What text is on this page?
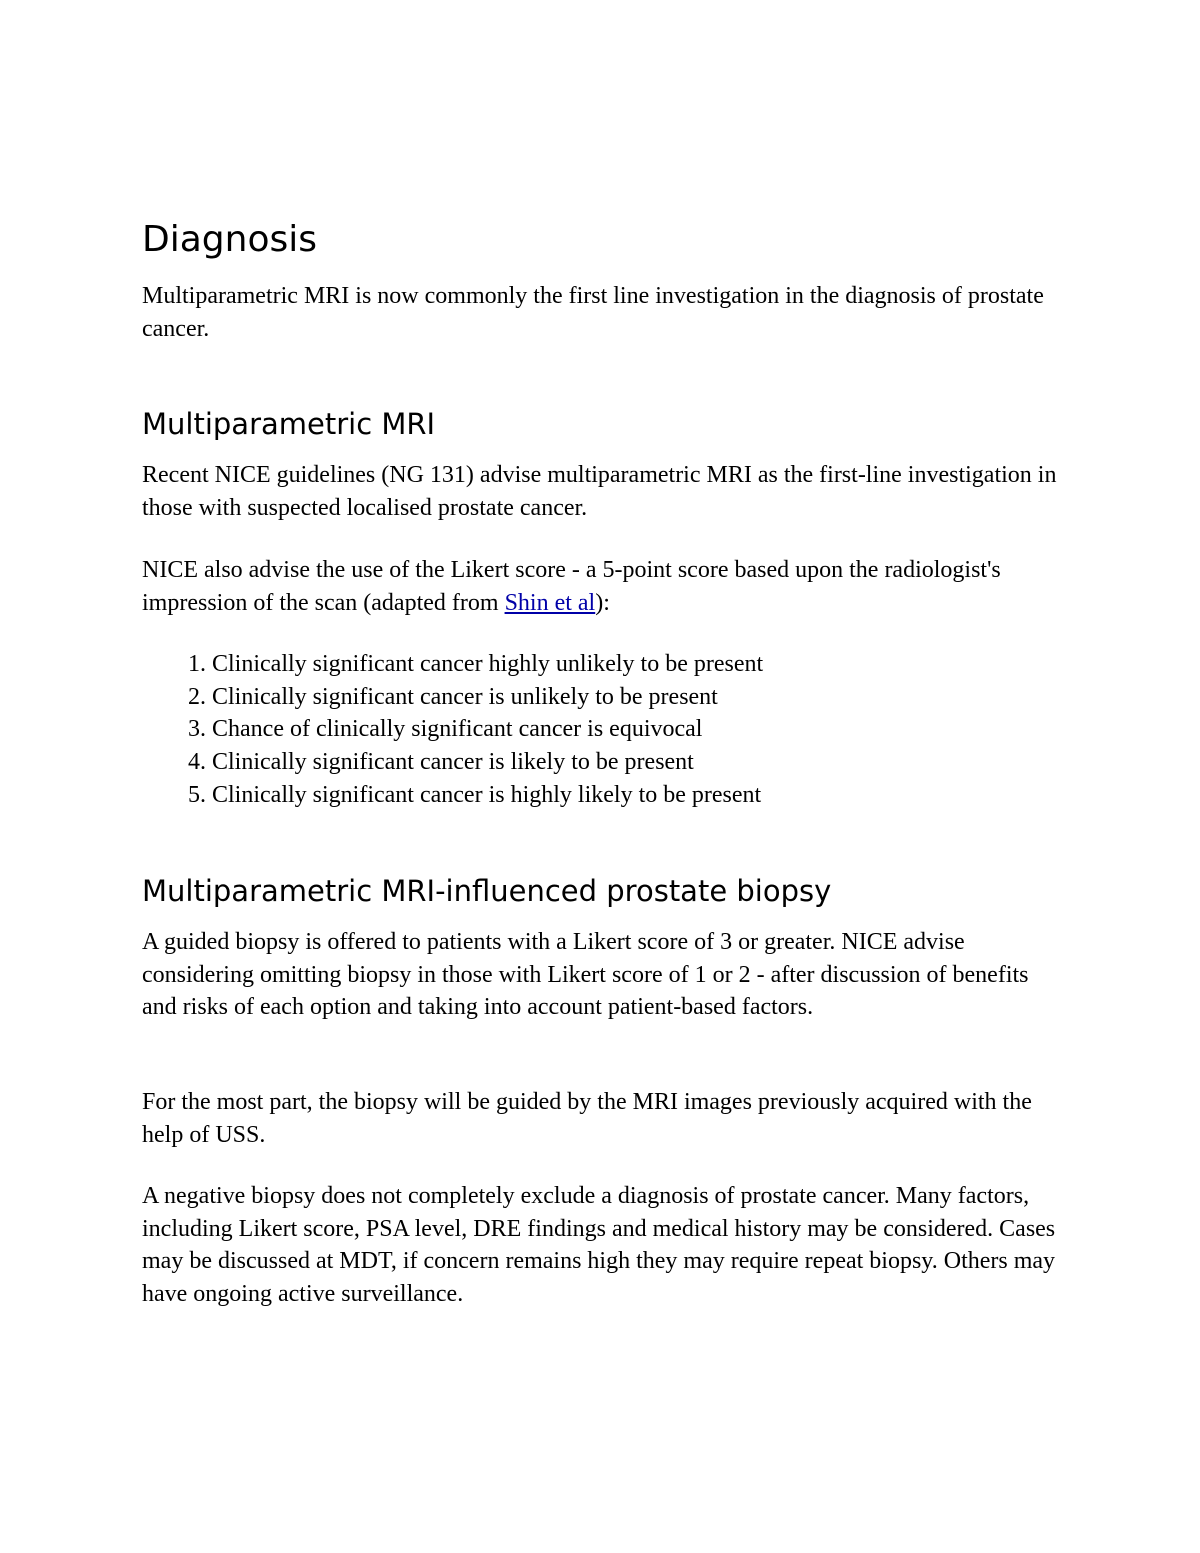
Diagnosis

Multiparametric MRI is now commonly the first line investigation in the diagnosis of prostate cancer.

Multiparametric MRI

Recent NICE guidelines (NG 131) advise multiparametric MRI as the first-line investigation in those with suspected localised prostate cancer.

NICE also advise the use of the Likert score - a 5-point score based upon the radiologist's impression of the scan (adapted from Shin et al):

1. Clinically significant cancer highly unlikely to be present
2. Clinically significant cancer is unlikely to be present
3. Chance of clinically significant cancer is equivocal
4. Clinically significant cancer is likely to be present
5. Clinically significant cancer is highly likely to be present
Multiparametric MRI-influenced prostate biopsy

A guided biopsy is offered to patients with a Likert score of 3 or greater. NICE advise considering omitting biopsy in those with Likert score of 1 or 2 - after discussion of benefits and risks of each option and taking into account patient-based factors.

For the most part, the biopsy will be guided by the MRI images previously acquired with the help of USS.

A negative biopsy does not completely exclude a diagnosis of prostate cancer. Many factors, including Likert score, PSA level, DRE findings and medical history may be considered. Cases may be discussed at MDT, if concern remains high they may require repeat biopsy. Others may have ongoing active surveillance.
